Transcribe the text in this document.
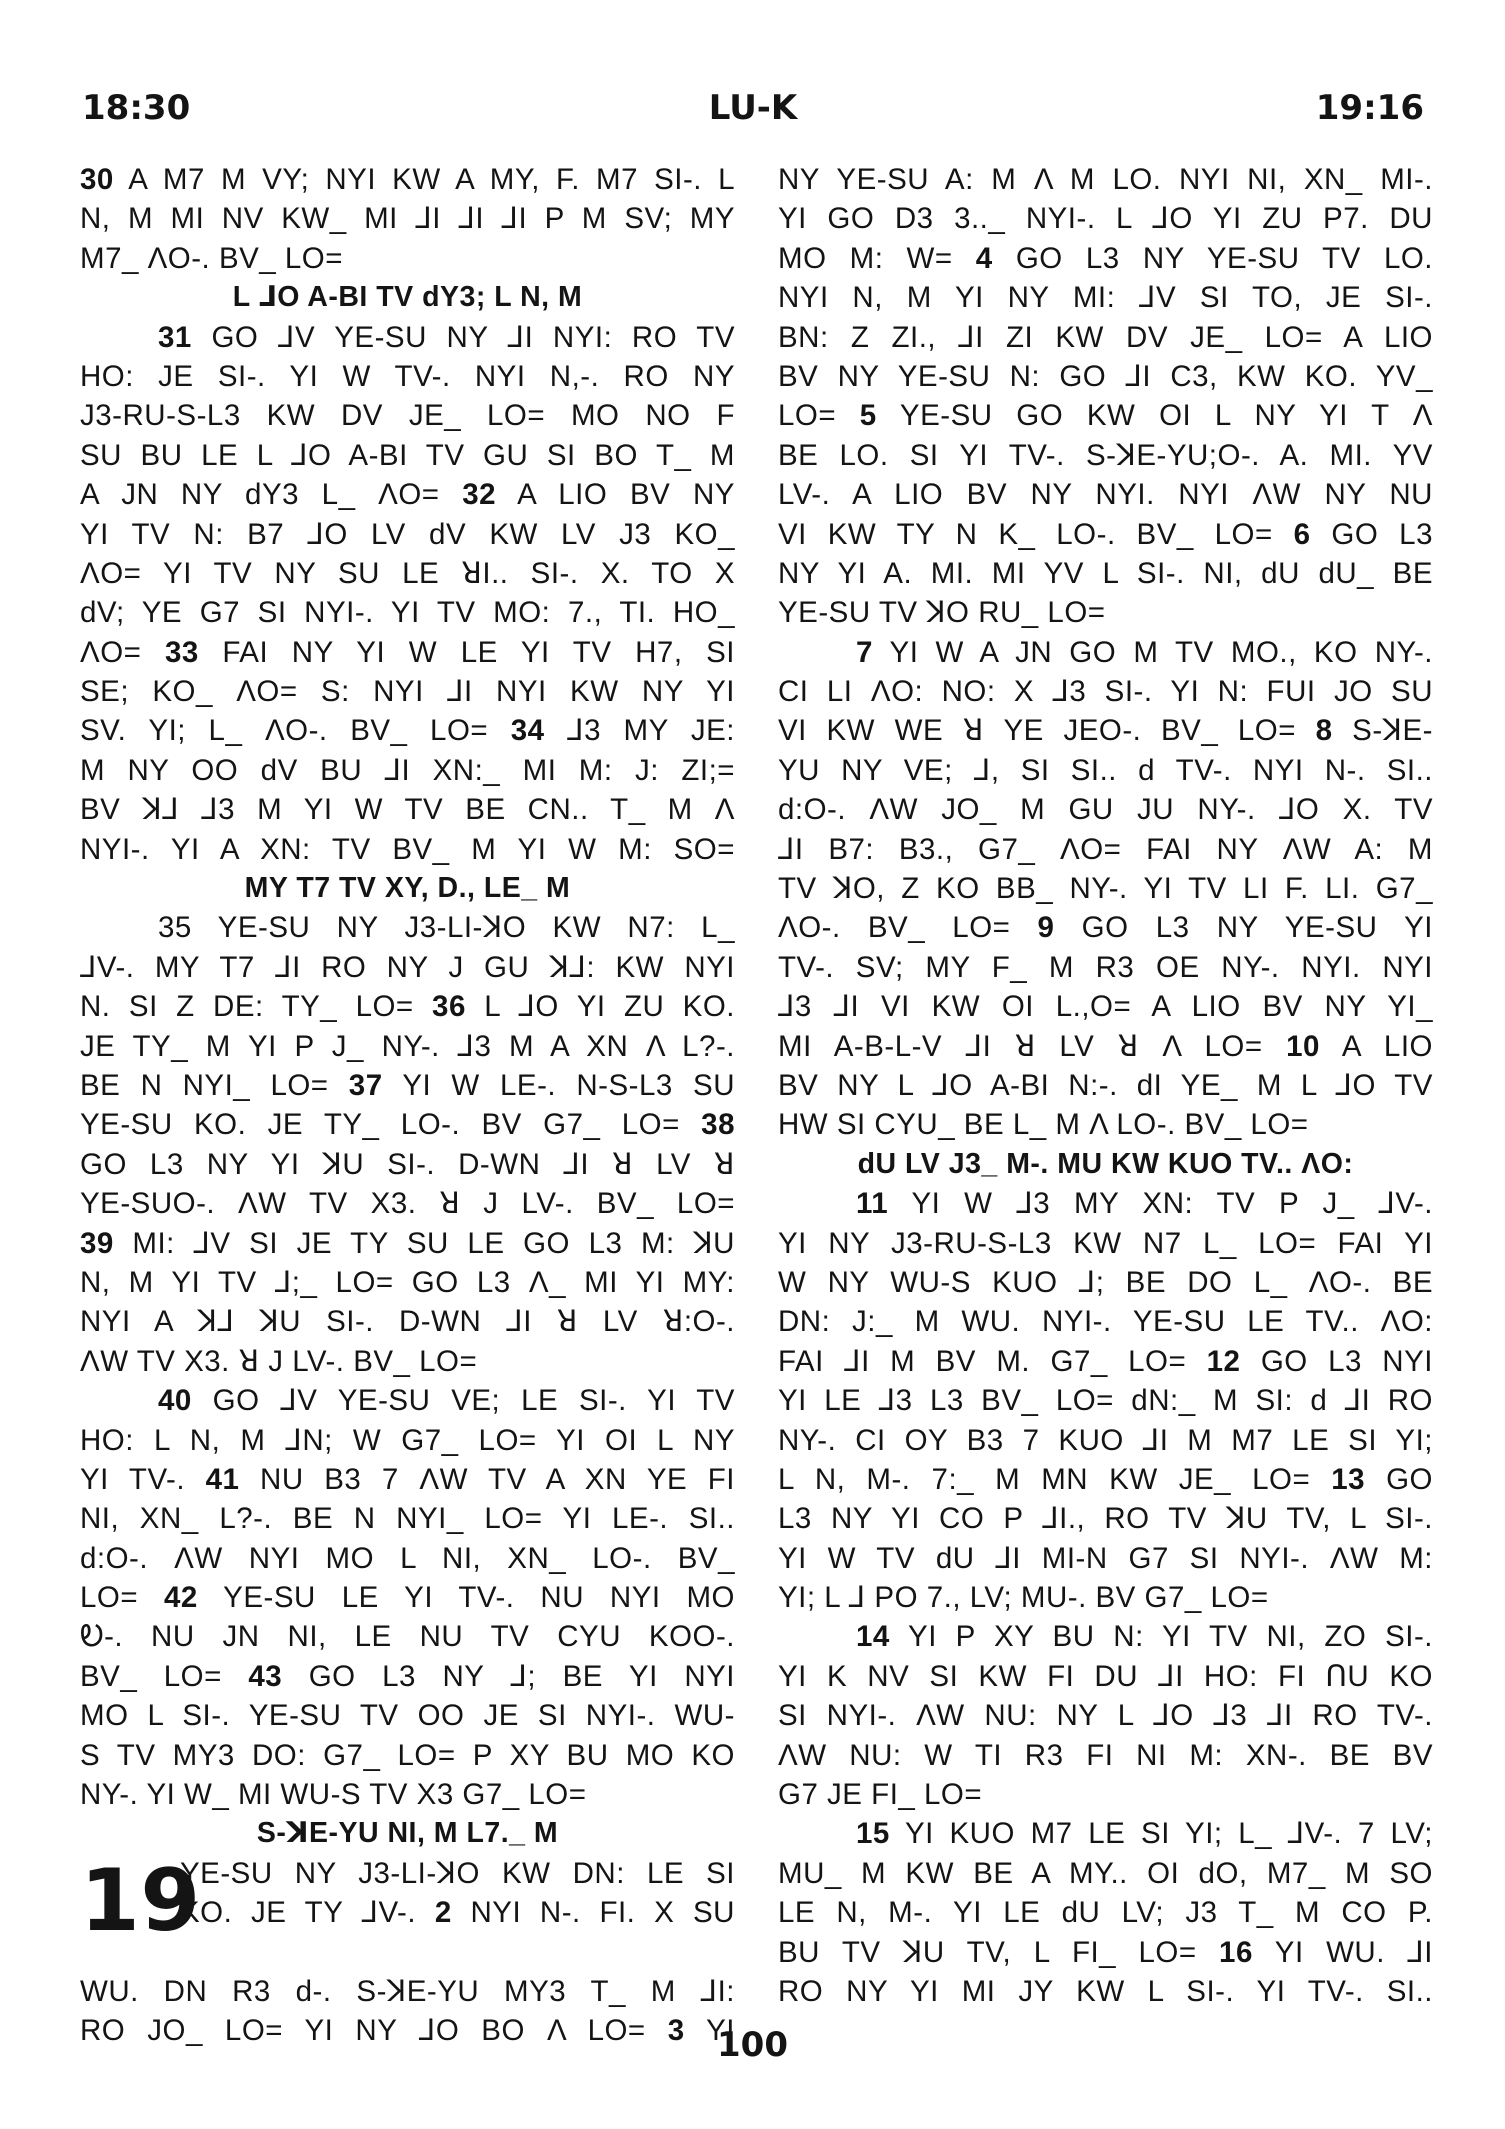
18:30	LU-K	19:16
30 A M7 M VY; NYI KW A MY, F. M7 SI-. L
N, M MI NV KW_ MI ⅃I ⅃I ⅃I P M SV; MY
M7_ ΛO-. BV_ LO=
L ⅃O A-BI TV dY3; L N, M
31 GO ⅃V YE-SU NY ⅃I NYI: RO TV
HO: JE SI-. YI W TV-. NYI N,-. RO NY
J3-RU-S-L3 KW DV JE_ LO= MO NO F
SU BU LE L ⅃O A-BI TV GU SI BO T_ M
A JN NY dY3 L_ ΛO= 32 A LIO BV NY
YI TV N: B7 ⅃O LV dV KW LV J3 KO_
ΛO= YI TV NY SU LE ꓤI.. SI-. X. TO X
dV; YE G7 SI NYI-. YI TV MO: 7., TI. HO_
ΛO= 33 FAI NY YI W LE YI TV H7, SI
SE; KO_ ΛO= S: NYI ⅃I NYI KW NY YI
SV. YI; L_ ΛO-. BV_ LO= 34 ⅃3 MY JE:
M NY OO dV BU ⅃I XN:_ MI M: J: ZI;=
BV ꓘ⅃ ⅃3 M YI W TV BE CN.. T_ M Λ
NYI-. YI A XN: TV BV_ M YI W M: SO=
MY T7 TV XY, D., LE_ M
35 YE-SU NY J3-LI-ꓘO KW N7: L_
⅃V-. MY T7 ⅃I RO NY J GU ꓘ⅃: KW NYI
N. SI Z DE: TY_ LO= 36 L ⅃O YI ZU KO.
JE TY_ M YI P J_ NY-. ⅃3 M A XN Λ L?-.
BE N NYI_ LO= 37 YI W LE-. N-S-L3 SU
YE-SU KO. JE TY_ LO-. BV G7_ LO= 38
GO L3 NY YI ꓘU SI-. D-WN ⅃I ꓤ LV ꓤ
YE-SUO-. ΛW TV X3. ꓤ J LV-. BV_ LO=
39 MI: ⅃V SI JE TY SU LE GO L3 M: ꓘU
N, M YI TV ⅃;_ LO= GO L3 Λ_ MI YI MY:
NYI A ꓘ⅃ ꓘU SI-. D-WN ⅃I ꓤ LV ꓤ:O-.
ΛW TV X3. ꓤ J LV-. BV_ LO=
40 GO ⅃V YE-SU VE; LE SI-. YI TV
HO: L N, M ⅃N; W G7_ LO= YI OI L NY
YI TV-. 41 NU B3 7 ΛW TV A XN YE FI
NI, XN_ L?-. BE N NYI_ LO= YI LE-. SI..
d:O-. ΛW NYI MO L NI, XN_ LO-. BV_
LO= 42 YE-SU LE YI TV-. NU NYI MO
Ꭷ-. NU JN NI, LE NU TV CYU KOO-.
BV_ LO= 43 GO L3 NY ⅃; BE YI NYI
MO L SI-. YE-SU TV OO JE SI NYI-. WU-
S TV MY3 DO: G7_ LO= P XY BU MO KO
NY-. YI W_ MI WU-S TV X3 G7_ LO=
S-ꓘE-YU NI, M L7._ M
19
YE-SU NY J3-LI-ꓘO KW DN: LE SI
KO. JE TY ⅃V-. 2 NYI N-. FI. X SU
WU. DN R3 d-. S-ꓘE-YU MY3 T_ M ⅃I:
RO JO_ LO= YI NY ⅃O BO Λ LO= 3 YI
NY YE-SU A: M Λ M LO. NYI NI, XN_ MI-.
YI GO D3 3.._ NYI-. L ⅃O YI ZU P7. DU
MO M: W= 4 GO L3 NY YE-SU TV LO.
NYI N, M YI NY MI: ⅃V SI TO, JE SI-.
BN: Z ZI., ⅃I ZI KW DV JE_ LO= A LIO
BV NY YE-SU N: GO ⅃I C3, KW KO. YV_
LO= 5 YE-SU GO KW OI L NY YI T Λ
BE LO. SI YI TV-. S-ꓘE-YU;O-. A. MI. YV
LV-. A LIO BV NY NYI. NYI ΛW NY NU
VI KW TY N K_ LO-. BV_ LO= 6 GO L3
NY YI A. MI. MI YV L SI-. NI, dU dU_ BE
YE-SU TV ꓘO RU_ LO=
7 YI W A JN GO M TV MO., KO NY-.
CI LI ΛO: NO: X ⅃3 SI-. YI N: FUI JO SU
VI KW WE ꓤ YE JEO-. BV_ LO= 8 S-ꓘE-
YU NY VE; ⅃, SI SI.. d TV-. NYI N-. SI..
d:O-. ΛW JO_ M GU JU NY-. ⅃O X. TV
⅃I B7: B3., G7_ ΛO= FAI NY ΛW A: M
TV ꓘO, Z KO BB_ NY-. YI TV LI F. LI. G7_
ΛO-. BV_ LO= 9 GO L3 NY YE-SU YI
TV-. SV; MY F_ M R3 OE NY-. NYI. NYI
⅃3 ⅃I VI KW OI L.,O= A LIO BV NY YI_
MI A-B-L-V ⅃I ꓤ LV ꓤ Λ LO= 10 A LIO
BV NY L ⅃O A-BI N:-. dI YE_ M L ⅃O TV
HW SI CYU_ BE L_ M Λ LO-. BV_ LO=
dU LV J3_ M-. MU KW KUO TV.. ΛO:
11 YI W ⅃3 MY XN: TV P J_ ⅃V-.
YI NY J3-RU-S-L3 KW N7 L_ LO= FAI YI
W NY WU-S KUO ⅃; BE DO L_ ΛO-. BE
DN: J:_ M WU. NYI-. YE-SU LE TV.. ΛO:
FAI ⅃I M BV M. G7_ LO= 12 GO L3 NYI
YI LE ⅃3 L3 BV_ LO= dN:_ M SI: d ⅃I RO
NY-. CI OY B3 7 KUO ⅃I M M7 LE SI YI;
L N, M-. 7:_ M MN KW JE_ LO= 13 GO
L3 NY YI CO P ⅃I., RO TV ꓘU TV, L SI-.
YI W TV dU ⅃I MI-N G7 SI NYI-. ΛW M:
YI; L ⅃ PO 7., LV; MU-. BV G7_ LO=
14 YI P XY BU N: YI TV NI, ZO SI-.
YI K NV SI KW FI DU ⅃I HO: FI ꓵU KO
SI NYI-. ΛW NU: NY L ⅃O ⅃3 ⅃I RO TV-.
ΛW NU: W TI R3 FI NI M: XN-. BE BV
G7 JE FI_ LO=
15 YI KUO M7 LE SI YI; L_ ⅃V-. 7 LV;
MU_ M KW BE A MY.. OI dO, M7_ M SO
LE N, M-. YI LE dU LV; J3 T_ M CO P.
BU TV ꓘU TV, L FI_ LO= 16 YI WU. ⅃I
RO NY YI MI JY KW L SI-. YI TV-. SI..
100
